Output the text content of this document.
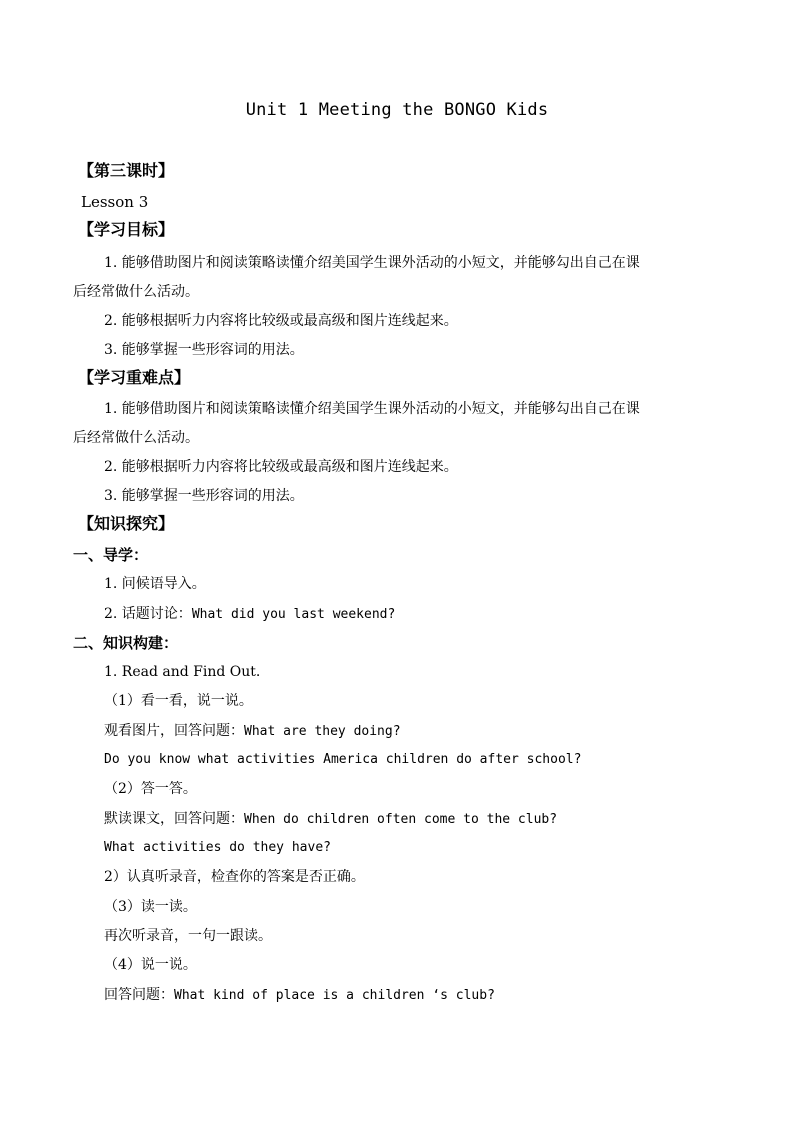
Unit 1 Meeting the BONGO Kids
【第三课时】
Lesson 3
【学习目标】
1. 能够借助图片和阅读策略读懂介绍美国学生课外活动的小短文，并能够勾出自己在课
后经常做什么活动。
2. 能够根据听力内容将比较级或最高级和图片连线起来。
3. 能够掌握一些形容词的用法。
【学习重难点】
1. 能够借助图片和阅读策略读懂介绍美国学生课外活动的小短文，并能够勾出自己在课
后经常做什么活动。
2. 能够根据听力内容将比较级或最高级和图片连线起来。
3. 能够掌握一些形容词的用法。
【知识探究】
一、导学：
1. 问候语导入。
2. 话题讨论：What did you last weekend?
二、知识构建：
1. Read and Find Out.
（1）看一看，说一说。
观看图片，回答问题：What are they doing?
Do you know what activities America children do after school?
（2）答一答。
默读课文，回答问题：When do children often come to the club?
What activities do they have?
2）认真听录音，检查你的答案是否正确。
（3）读一读。
再次听录音，一句一跟读。
（4）说一说。
回答问题：What kind of place is a children ‘s club?
